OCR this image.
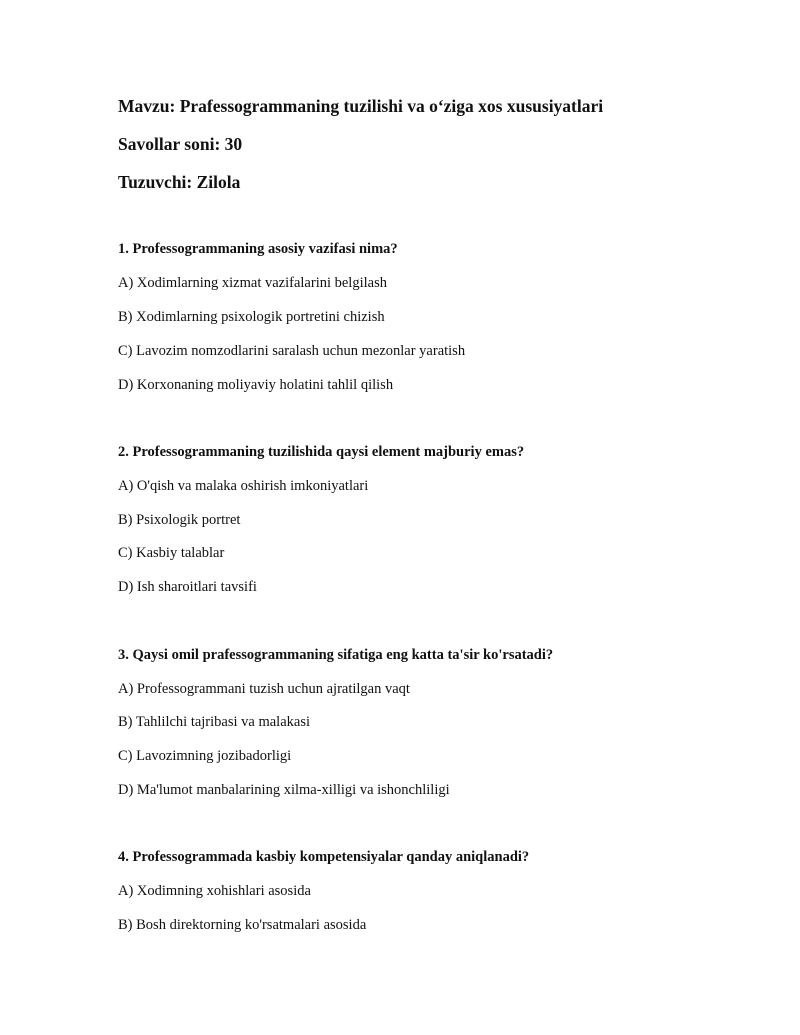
Mavzu: Prafessogrammaning tuzilishi va o‘ziga xos xususiyatlari

Savollar soni: 30

Tuzuvchi: Zilola

1. Professogrammaning asosiy vazifasi nima?

A) Xodimlarning xizmat vazifalarini belgilash

B) Xodimlarning psixologik portretini chizish

C) Lavozim nomzodlarini saralash uchun mezonlar yaratish

D) Korxonaning moliyaviy holatini tahlil qilish

2. Professogrammaning tuzilishida qaysi element majburiy emas?

A) O'qish va malaka oshirish imkoniyatlari

B) Psixologik portret

C) Kasbiy talablar

D) Ish sharoitlari tavsifi

3. Qaysi omil prafessogrammaning sifatiga eng katta ta'sir ko'rsatadi?

A) Professogrammani tuzish uchun ajratilgan vaqt

B) Tahlilchi tajribasi va malakasi

C) Lavozimning jozibadorligi

D) Ma'lumot manbalarining xilma-xilligi va ishonchliligi

4. Professogrammada kasbiy kompetensiyalar qanday aniqlanadi?

A) Xodimning xohishlari asosida

B) Bosh direktorning ko'rsatmalari asosida
